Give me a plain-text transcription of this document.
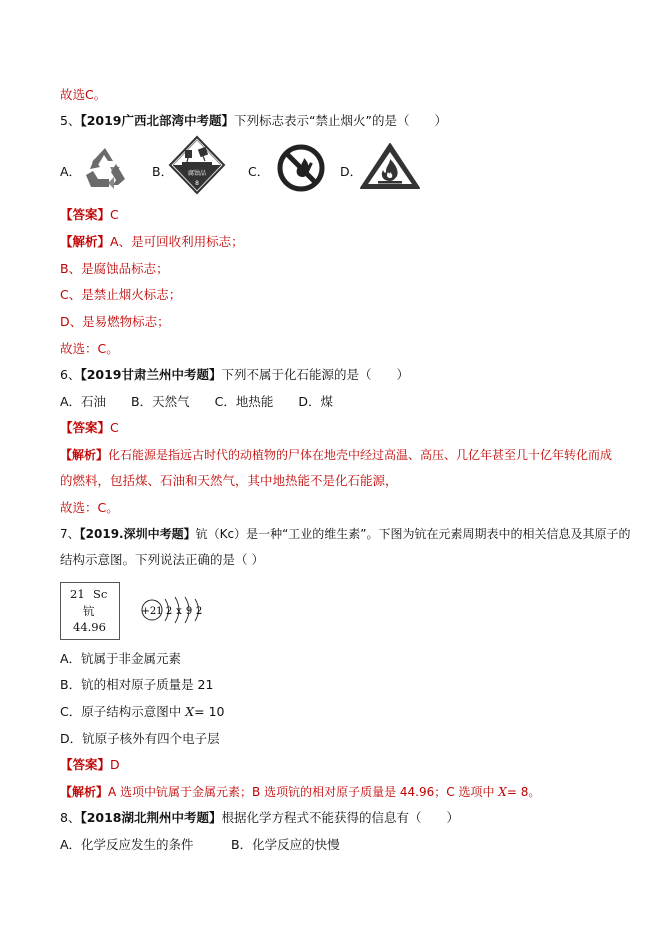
故选C。
5、【2019广西北部湾中考题】下列标志表示“禁止烟火”的是（　　）
A．	B． 腐蚀品
8
C．	D．
【答案】C
【解析】A、是可回收利用标志；
B、是腐蚀品标志；
C、是禁止烟火标志；
D、是易燃物标志；
故选：C。
6、【2019甘肃兰州中考题】下列不属于化石能源的是（　　）
A．石油　　B．天然气　　C．地热能　　D．煤
【答案】C
【解析】化石能源是指远古时代的动植物的尸体在地壳中经过高温、高压、几亿年甚至几十亿年转化而成
的燃料，包括煤、石油和天然气，其中地热能不是化石能源，
故选：C。
7、【2019.深圳中考题】钪（Kc）是一种“工业的维生素”。下图为钪在元素周期表中的相关信息及其原子的
结构示意图。下列说法正确的是（ ）
21 Sc
钪
44.96
+21 2 x 9 2
A．钪属于非金属元素
B．钪的相对原子质量是 21
C．原子结构示意图中 X= 10
D．钪原子核外有四个电子层
【答案】D
【解析】A 选项中钪属于金属元素；B 选项钪的相对原子质量是 44.96；C 选项中 X= 8。
8、【2018湖北荆州中考题】根据化学方程式不能获得的信息有（　　）
A．化学反应发生的条件　　　B．化学反应的快慢
